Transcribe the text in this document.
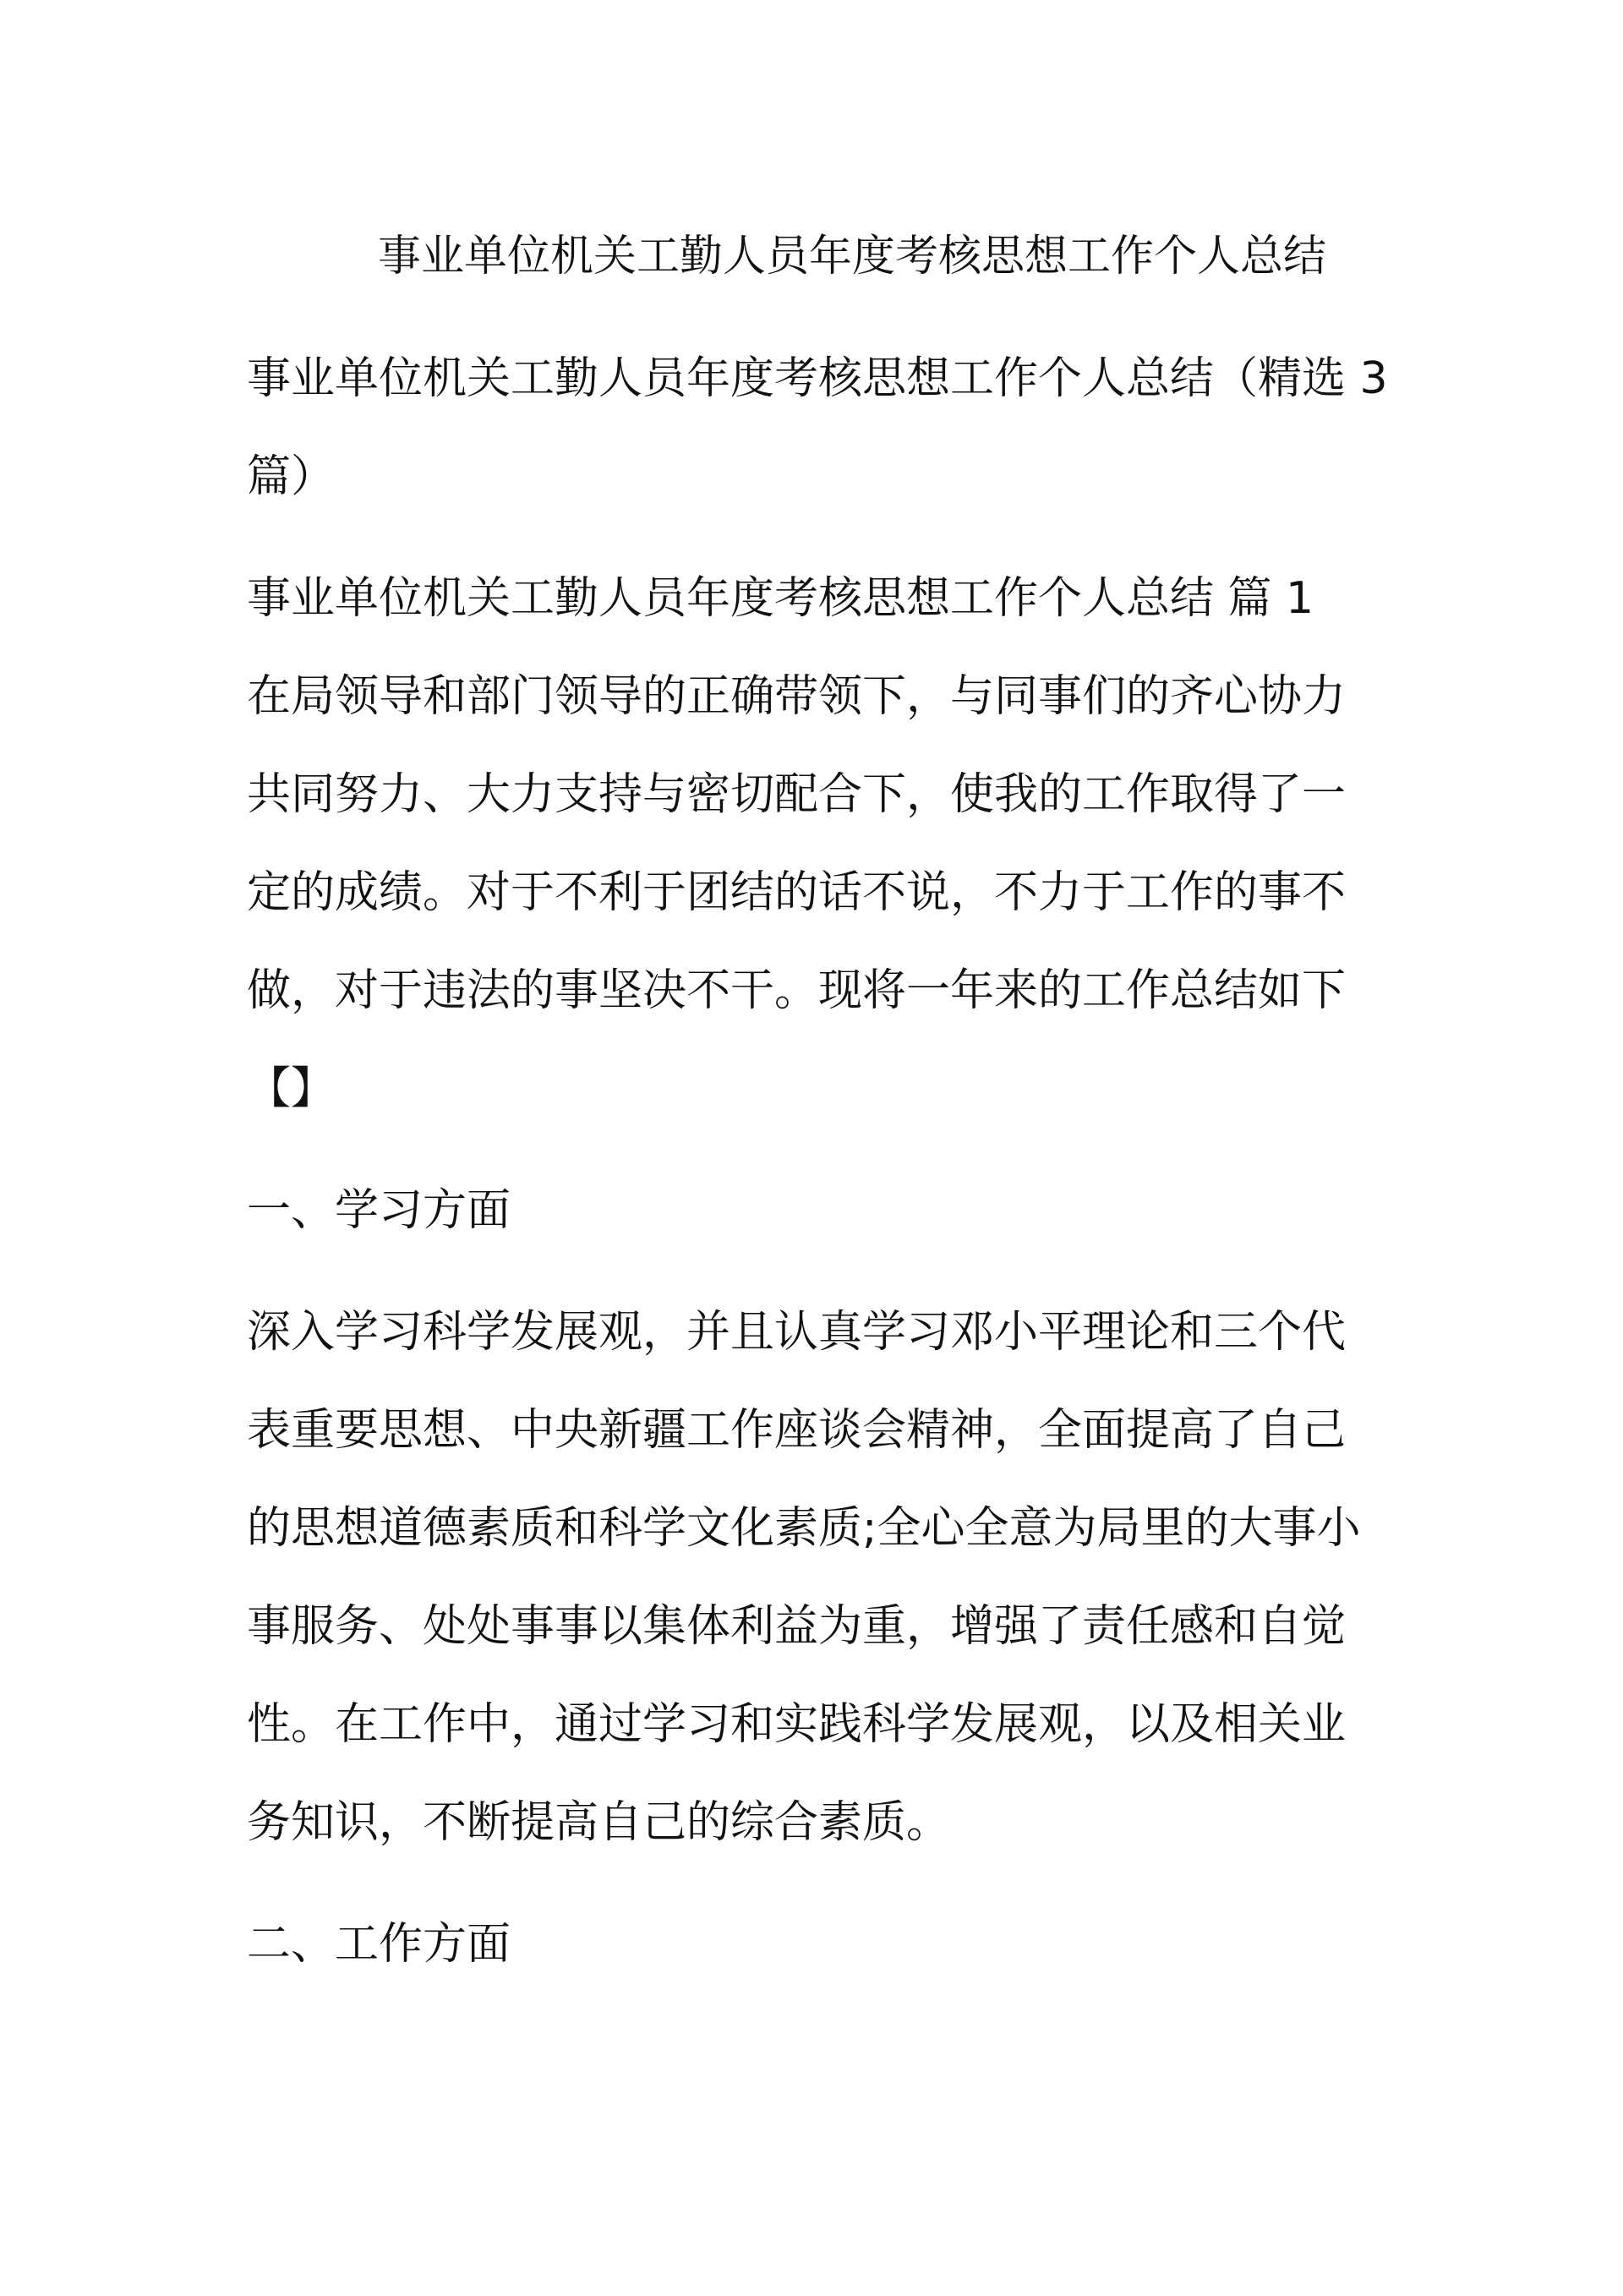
事业单位机关工勤人员年度考核思想工作个人总结
事业单位机关工勤人员年度考核思想工作个人总结（精选 3
篇）
事业单位机关工勤人员年度考核思想工作个人总结 篇 1
在局领导和部门领导的正确带领下，与同事们的齐心协力
共同努力、大力支持与密切配合下，使我的工作取得了一
定的成绩。对于不利于团结的话不说，不力于工作的事不
做，对于违法的事坚决不干。现将一年来的工作总结如下
【】
一、学习方面
深入学习科学发展观，并且认真学习邓小平理论和三个代
表重要思想、中央新疆工作座谈会精神，全面提高了自己
的思想道德素质和科学文化素质;全心全意为局里的大事小
事服务、处处事事以集体利益为重，增强了责任感和自觉
性。在工作中，通过学习和实践科学发展观，以及相关业
务知识，不断提高自己的综合素质。
二、工作方面
